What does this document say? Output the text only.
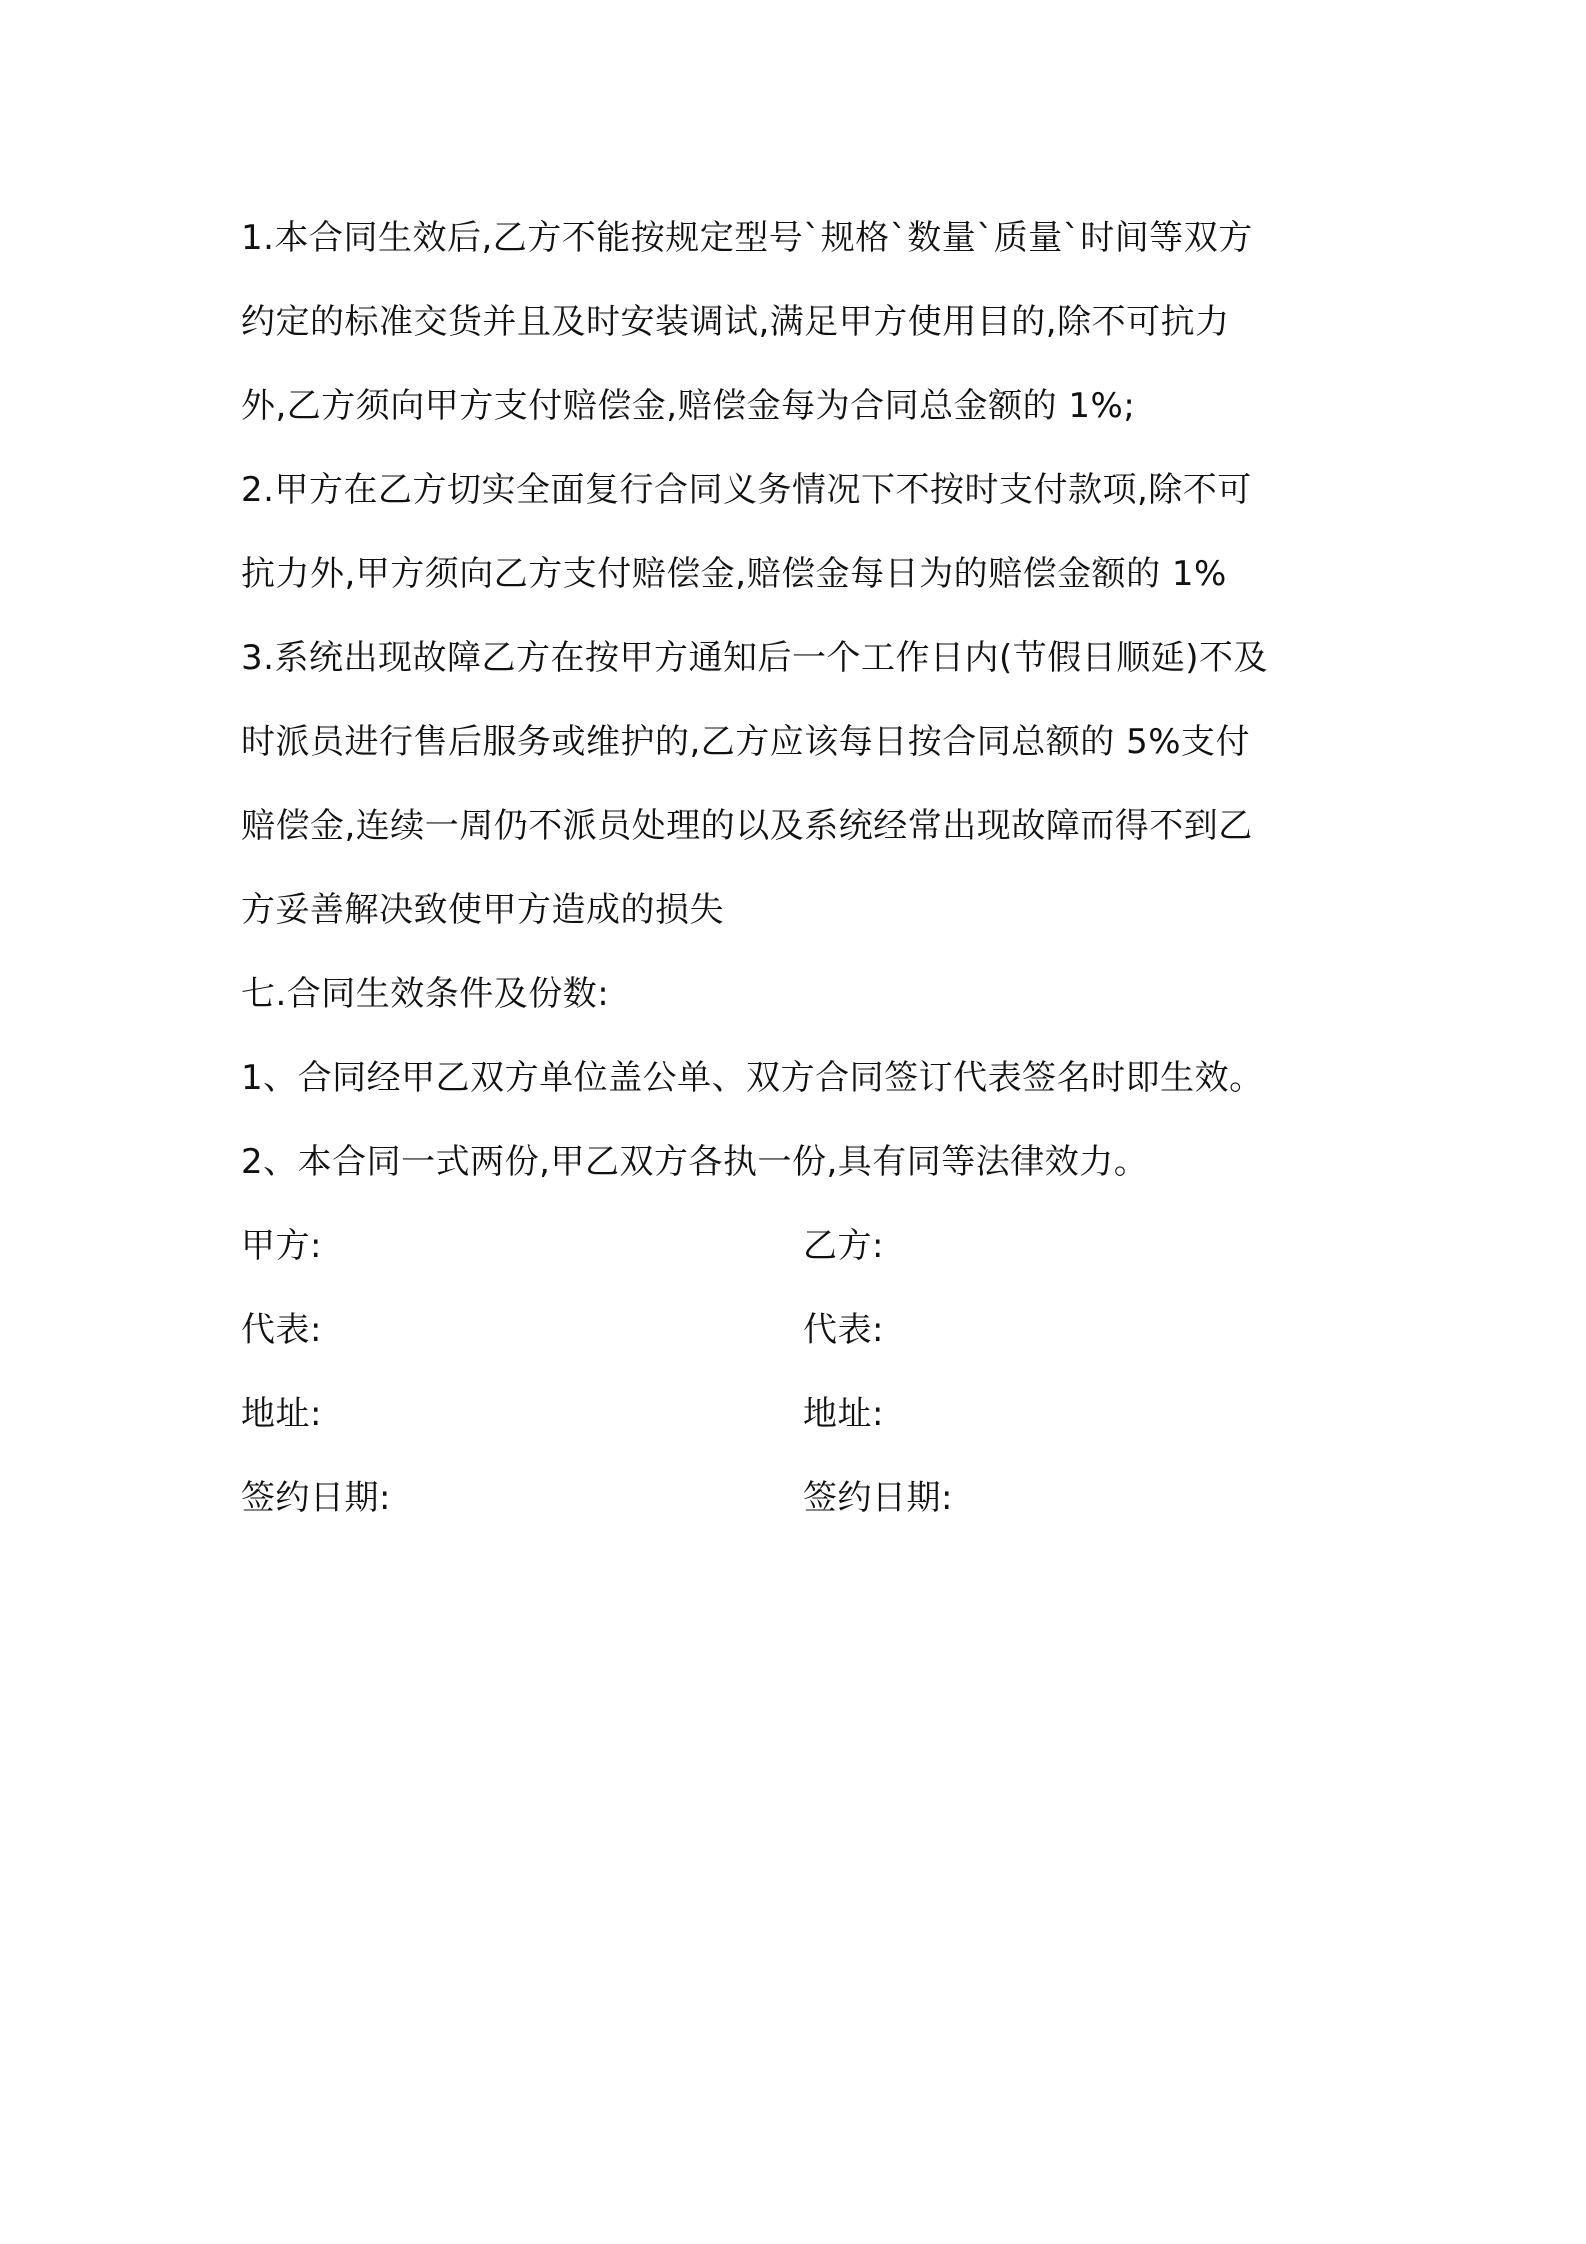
1.本合同生效后,乙方不能按规定型号`规格`数量`质量`时间等双方
约定的标准交货并且及时安装调试,满足甲方使用目的,除不可抗力
外,乙方须向甲方支付赔偿金,赔偿金每为合同总金额的 1%;
2.甲方在乙方切实全面复行合同义务情况下不按时支付款项,除不可
抗力外,甲方须向乙方支付赔偿金,赔偿金每日为的赔偿金额的 1%
3.系统出现故障乙方在按甲方通知后一个工作日内(节假日顺延)不及
时派员进行售后服务或维护的,乙方应该每日按合同总额的 5%支付
赔偿金,连续一周仍不派员处理的以及系统经常出现故障而得不到乙
方妥善解决致使甲方造成的损失
七.合同生效条件及份数:
1、合同经甲乙双方单位盖公单、双方合同签订代表签名时即生效。
2、本合同一式两份,甲乙双方各执一份,具有同等法律效力。
甲方:	乙方:
代表:	代表:
地址:	地址:
签约日期:	签约日期:
